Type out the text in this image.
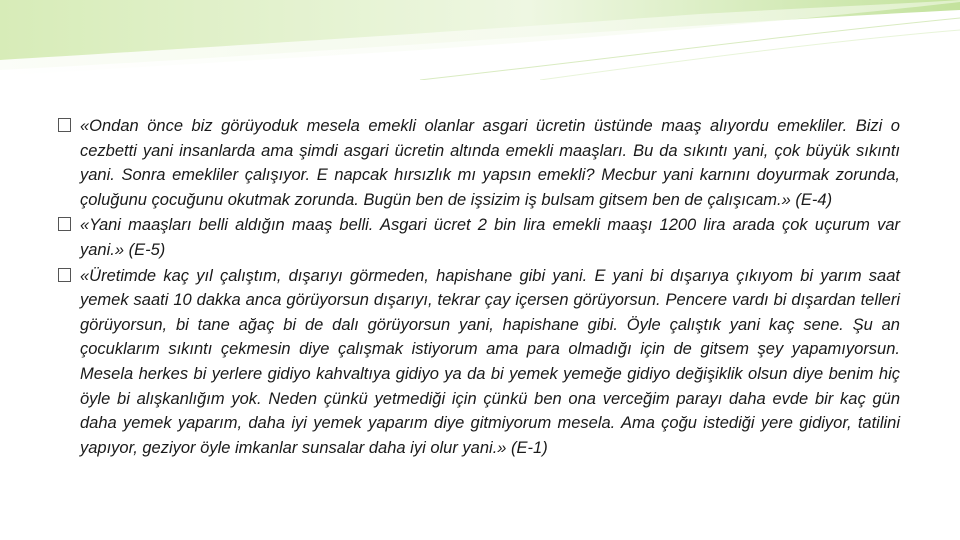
«Ondan önce biz görüyoduk mesela emekli olanlar asgari ücretin üstünde maaş alıyordu emekliler. Bizi o cezbetti yani insanlarda ama şimdi asgari ücretin altında emekli maaşları. Bu da sıkıntı yani, çok büyük sıkıntı yani. Sonra emekliler çalışıyor. E napcak hırsızlık mı yapsın emekli? Mecbur yani karnını doyurmak zorunda, çoluğunu çocuğunu okutmak zorunda. Bugün ben de işsizim iş bulsam gitsem ben de çalışıcam.» (E-4)
«Yani maaşları belli aldığın maaş belli. Asgari ücret 2 bin lira emekli maaşı 1200 lira arada çok uçurum var yani.» (E-5)
«Üretimde kaç yıl çalıştım, dışarıyı görmeden, hapishane gibi yani. E yani bi dışarıya çıkıyom bi yarım saat yemek saati 10 dakka anca görüyorsun dışarıyı, tekrar çay içersen görüyorsun. Pencere vardı bi dışardan telleri görüyorsun, bi tane ağaç bi de dalı görüyorsun yani, hapishane gibi. Öyle çalıştık yani kaç sene. Şu an çocuklarım sıkıntı çekmesin diye çalışmak istiyorum ama para olmadığı için de gitsem şey yapamıyorsun. Mesela herkes bi yerlere gidiyo kahvaltıya gidiyo ya da bi yemek yemeğe gidiyo değişiklik olsun diye benim hiç öyle bi alışkanlığım yok. Neden çünkü yetmediği için çünkü ben ona verceğim parayı daha evde bir kaç gün daha yemek yaparım, daha iyi yemek yaparım diye gitmiyorum mesela. Ama çoğu istediği yere gidiyor, tatilini yapıyor, geziyor öyle imkanlar sunsalar daha iyi olur yani.» (E-1)
